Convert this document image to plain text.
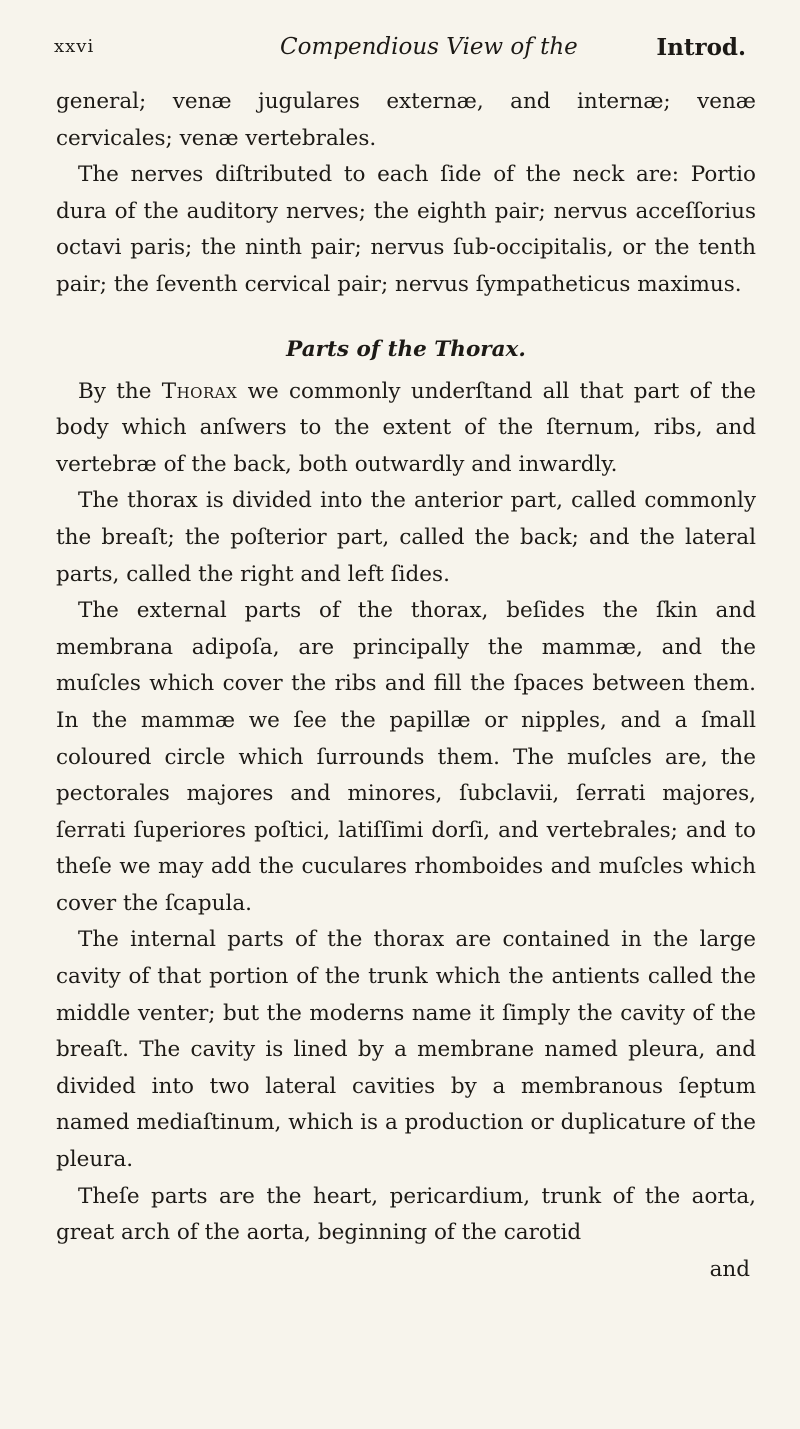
xxvi	Compendious View of the	Introd.

general; venæ jugulares externæ, and internæ; venæ cervicales; venæ vertebrales.

The nerves diſtributed to each ſide of the neck are: Portio dura of the auditory nerves; the eighth pair; nervus acceſſorius octavi paris; the ninth pair; nervus ſub-occipitalis, or the tenth pair; the ſeventh cervical pair; nervus ſympatheticus maximus.

Parts of the Thorax.

By the Thorax we commonly underſtand all that part of the body which anſwers to the extent of the ſternum, ribs, and vertebræ of the back, both outwardly and inwardly.

The thorax is divided into the anterior part, called commonly the breaſt; the poſterior part, called the back; and the lateral parts, called the right and left ſides.

The external parts of the thorax, beſides the ſkin and membrana adipoſa, are principally the mammæ, and the muſcles which cover the ribs and fill the ſpaces between them. In the mammæ we ſee the papillæ or nipples, and a ſmall coloured circle which ſurrounds them. The muſcles are, the pectorales majores and minores, ſubclavii, ſerrati majores, ſerrati ſuperiores poſtici, latiſſimi dorſi, and vertebrales; and to theſe we may add the cuculares rhomboides and muſcles which cover the ſcapula.

The internal parts of the thorax are contained in the large cavity of that portion of the trunk which the antients called the middle venter; but the moderns name it ſimply the cavity of the breaſt. The cavity is lined by a membrane named pleura, and divided into two lateral cavities by a membranous ſeptum named mediaſtinum, which is a production or duplicature of the pleura.

Theſe parts are the heart, pericardium, trunk of the aorta, great arch of the aorta, beginning of the carotid

and
